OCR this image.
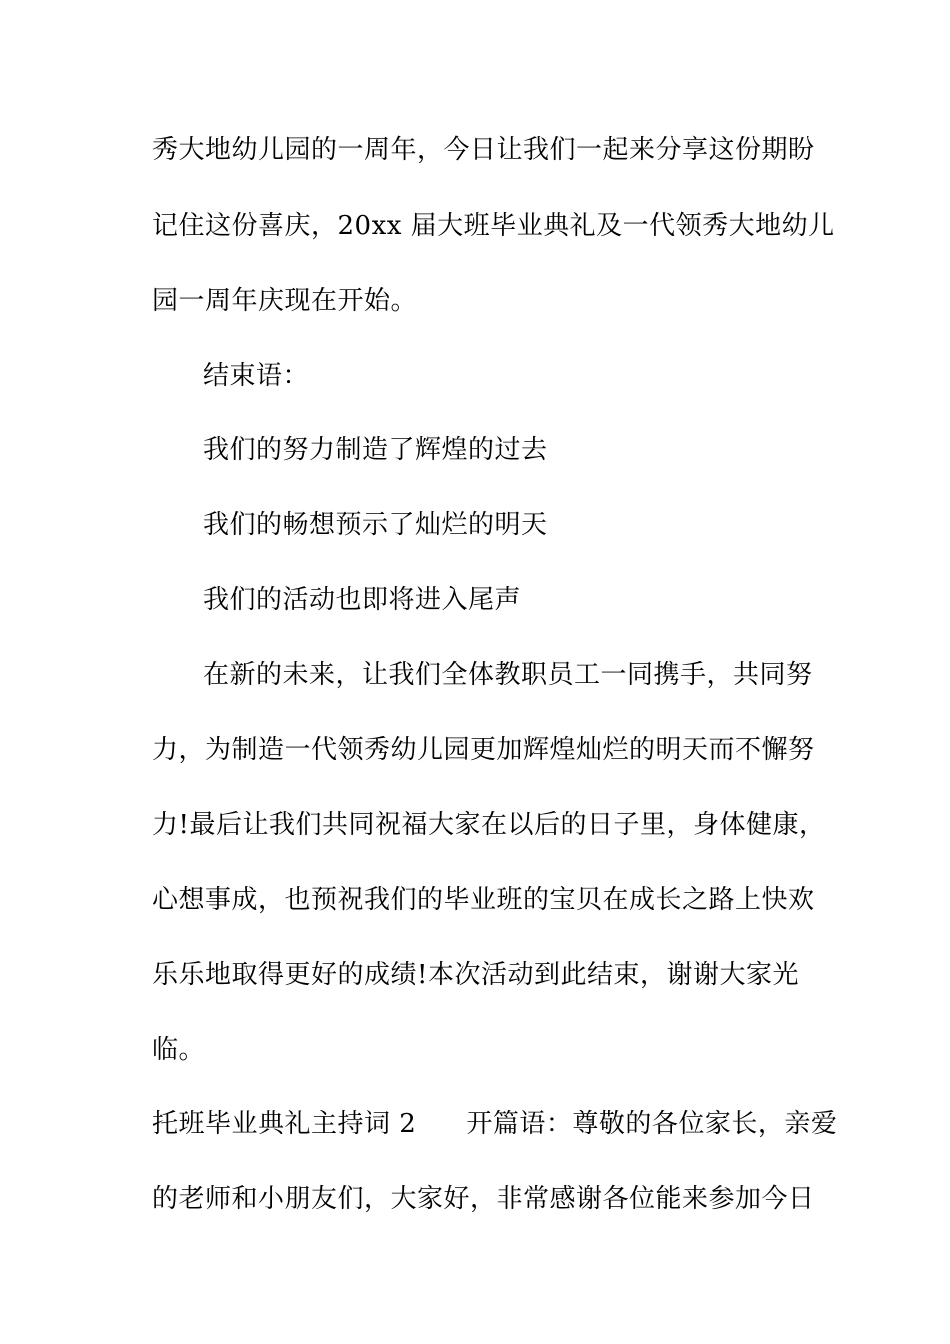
秀大地幼儿园的一周年，今日让我们一起来分享这份期盼
记住这份喜庆，20xx 届大班毕业典礼及一代领秀大地幼儿
园一周年庆现在开始。
结束语：
我们的努力制造了辉煌的过去
我们的畅想预示了灿烂的明天
我们的活动也即将进入尾声
在新的未来，让我们全体教职员工一同携手，共同努
力，为制造一代领秀幼儿园更加辉煌灿烂的明天而不懈努
力!最后让我们共同祝福大家在以后的日子里，身体健康，
心想事成，也预祝我们的毕业班的宝贝在成长之路上快欢
乐乐地取得更好的成绩!本次活动到此结束，谢谢大家光
临。
托班毕业典礼主持词 2 开篇语：尊敬的各位家长，亲爱
的老师和小朋友们，大家好，非常感谢各位能来参加今日
